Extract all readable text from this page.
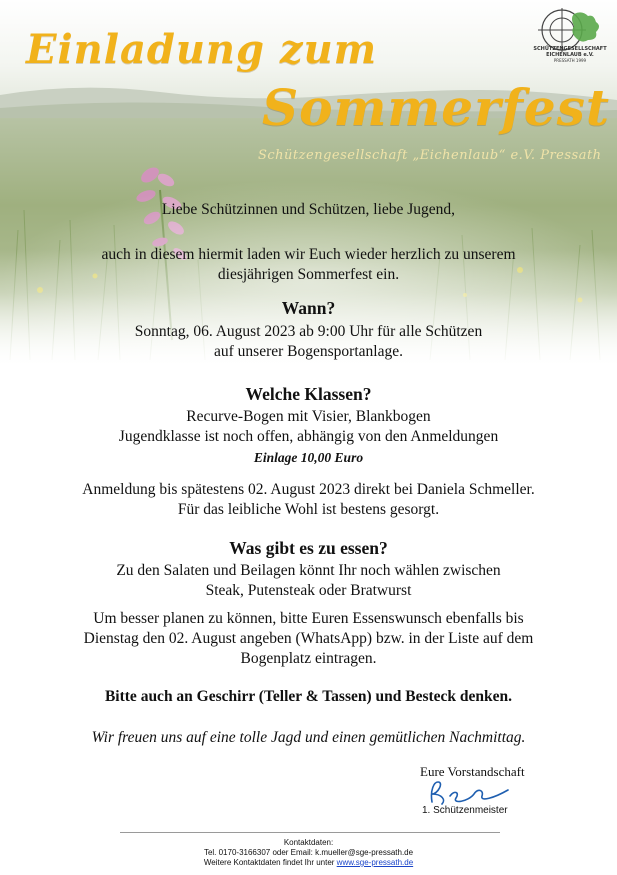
SCHÜTZENGESELLSCHAFT
EICHENLAUB e.V.
PRESSATH 1999
Einladung zum
Sommerfest
Schützengesellschaft „Eichenlaub“ e.V. Pressath
Liebe Schützinnen und Schützen, liebe Jugend,
auch in diesem hiermit laden wir Euch wieder herzlich zu unserem
diesjährigen Sommerfest ein.
Wann?
Sonntag, 06. August 2023 ab 9:00 Uhr für alle Schützen
auf unserer Bogensportanlage.
Welche Klassen?
Recurve-Bogen mit Visier, Blankbogen
Jugendklasse ist noch offen, abhängig von den Anmeldungen
Einlage 10,00 Euro
Anmeldung bis spätestens 02. August 2023 direkt bei Daniela Schmeller.
Für das leibliche Wohl ist bestens gesorgt.
Was gibt es zu essen?
Zu den Salaten und Beilagen könnt Ihr noch wählen zwischen
Steak, Putensteak oder Bratwurst
Um besser planen zu können, bitte Euren Essenswunsch ebenfalls bis
Dienstag den 02. August angeben (WhatsApp) bzw. in der Liste auf dem
Bogenplatz eintragen.
Bitte auch an Geschirr (Teller & Tassen) und Besteck denken.
Wir freuen uns auf eine tolle Jagd und einen gemütlichen Nachmittag.
Eure Vorstandschaft
1. Schützenmeister
Kontaktdaten:
Tel. 0170-3166307 oder Email: k.mueller@sge-pressath.de
Weitere Kontaktdaten findet Ihr unter www.sge-pressath.de
